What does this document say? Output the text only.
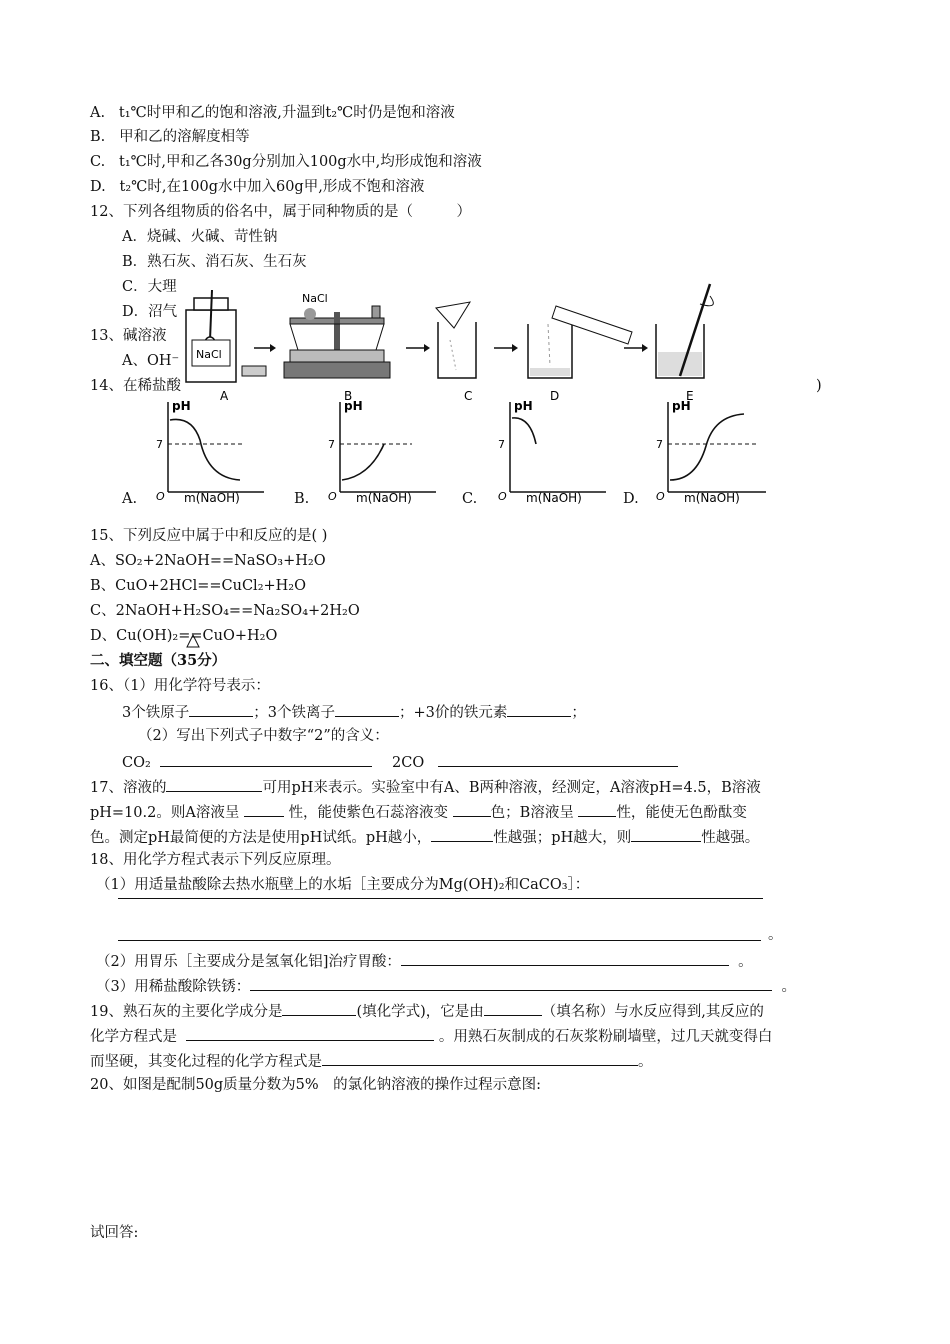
A. t₁℃时甲和乙的饱和溶液,升温到t₂℃时仍是饱和溶液
B. 甲和乙的溶解度相等
C. t₁℃时,甲和乙各30g分别加入100g水中,均形成饱和溶液
D. t₂℃时,在100g水中加入60g甲,形成不饱和溶液
12、下列各组物质的俗名中，属于同种物质的是（　　　）
A．烧碱、火碱、苛性钠
B．熟石灰、消石灰、生石灰
C．大理
D．沼气
13、碱溶液
A、OH⁻
14、在稀盐酸	)
NaCl
NaCl
A	B	C	D	E
A.	B.	C.	D.
pH
7
O m(NaOH)
pH
7
O m(NaOH)
pH
7
O m(NaOH)
pH
7
O m(NaOH)
15、下列反应中属于中和反应的是( )
A、SO₂+2NaOH==NaSO₃+H₂O
B、CuO+2HCl==CuCl₂+H₂O
C、2NaOH+H₂SO₄==Na₂SO₄+2H₂O
D、Cu(OH)₂==CuO+H₂O
二、填空题（35分）
16、（1）用化学符号表示：
3个铁原子	；3个铁离子	；+3价的铁元素	；
（2）写出下列式子中数字“2”的含义：
CO₂	2CO
17、溶液的	可用pH来表示。实验室中有A、B两种溶液，经测定，A溶液pH=4.5，B溶液
pH=10.2。则A溶液呈	性，能使紫色石蕊溶液变	色；B溶液呈	性，能使无色酚酞变
色。测定pH最简便的方法是使用pH试纸。pH越小，	性越强；pH越大，则	性越强。
18、用化学方程式表示下列反应原理。
（1）用适量盐酸除去热水瓶壁上的水垢［主要成分为Mg(OH)₂和CaCO₃］：
。
（2）用胃乐［主要成分是氢氧化铝]治疗胃酸：	。
（3）用稀盐酸除铁锈：	。
19、熟石灰的主要化学成分是	(填化学式)，它是由	（填名称）与水反应得到,其反应的
化学方程式是	。用熟石灰制成的石灰浆粉刷墙壁，过几天就变得白
而坚硬，其变化过程的化学方程式是	。
20、如图是配制50g质量分数为5%　的氯化钠溶液的操作过程示意图:
试回答:
